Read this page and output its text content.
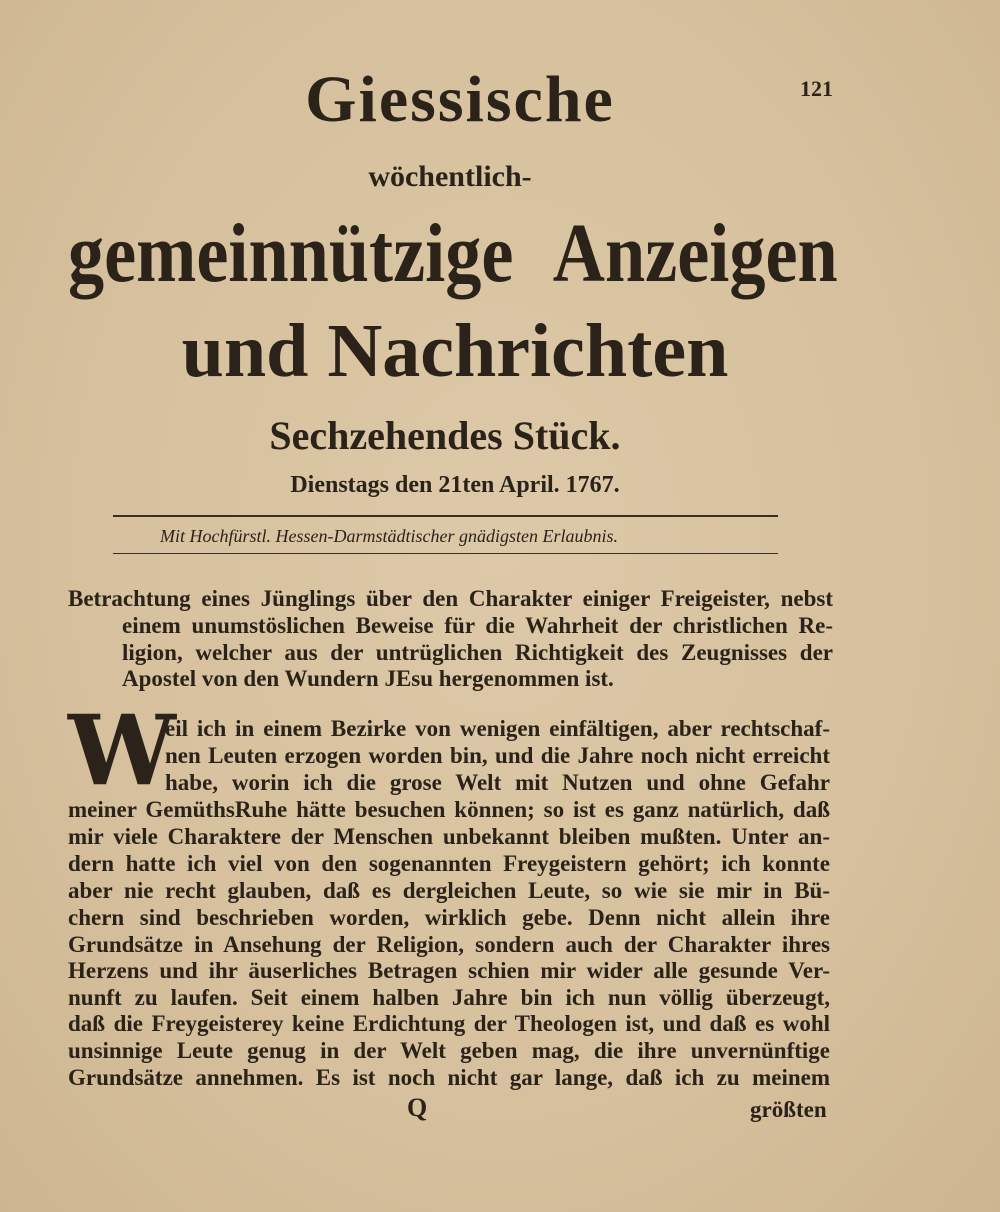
121
Giessische
wöchentlich-
gemeinnützige Anzeigen
und Nachrichten
Sechzehendes Stück.
Dienstags den 21ten April. 1767.
Mit Hochfürstl. Hessen-Darmstädtischer gnädigsten Erlaubnis.
Betrachtung eines Jünglings über den Charakter einiger Freigeister, nebst
einem unumstöslichen Beweise für die Wahrheit der christlichen Re-
ligion, welcher aus der untrüglichen Richtigkeit des Zeugnisses der
Apostel von den Wundern JEsu hergenommen ist.
W
eil ich in einem Bezirke von wenigen einfältigen, aber rechtschaf-
nen Leuten erzogen worden bin, und die Jahre noch nicht erreicht
habe, worin ich die grose Welt mit Nutzen und ohne Gefahr
meiner GemüthsRuhe hätte besuchen können; so ist es ganz natürlich, daß
mir viele Charaktere der Menschen unbekannt bleiben mußten. Unter an-
dern hatte ich viel von den sogenannten Freygeistern gehört; ich konnte
aber nie recht glauben, daß es dergleichen Leute, so wie sie mir in Bü-
chern sind beschrieben worden, wirklich gebe. Denn nicht allein ihre
Grundsätze in Ansehung der Religion, sondern auch der Charakter ihres
Herzens und ihr äuserliches Betragen schien mir wider alle gesunde Ver-
nunft zu laufen. Seit einem halben Jahre bin ich nun völlig überzeugt,
daß die Freygeisterey keine Erdichtung der Theologen ist, und daß es wohl
unsinnige Leute genug in der Welt geben mag, die ihre unvernünftige
Grundsätze annehmen. Es ist noch nicht gar lange, daß ich zu meinem
Q	größten
